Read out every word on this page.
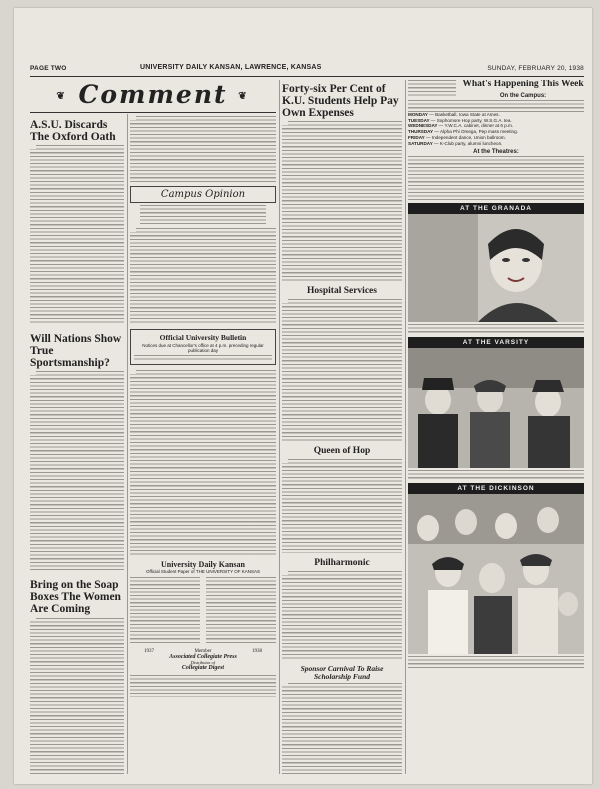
PAGE TWO	UNIVERSITY DAILY KANSAN, LAWRENCE, KANSAS	SUNDAY, FEBRUARY 20, 1938
❦ Comment ❦
A.S.U. Discards The Oxford Oath
Will Nations Show True Sportsmanship?
Bring on the Soap Boxes The Women Are Coming
Campus Opinion
Official University Bulletin
Notices due at Chancellor's office at 4 p.m. preceding regular publication day
University Daily Kansan
Official Student Paper of THE UNIVERSITY OF KANSAS
1937	Member	1938
Associated Collegiate Press
Distributor of
Collegiate Digest
Forty-six Per Cent of K.U. Students Help Pay Own Expenses
Hospital Services
Queen of Hop
Philharmonic
Sponsor Carnival To Raise Scholarship Fund
What's Happening This Week
On the Campus:

MONDAY — Basketball, Iowa State at Ames.

TUESDAY — Sophomore Hop party, W.S.G.A. tea.

WEDNESDAY — Y.W.C.A. cabinet, dinner at 6 p.m.

THURSDAY — Alpha Phi Omega, Pep mass meeting.

FRIDAY — Independent dance, Union ballroom.

SATURDAY — K-Club party, alumni luncheon.

At the Theatres:
AT THE GRANADA
AT THE VARSITY
AT THE DICKINSON
